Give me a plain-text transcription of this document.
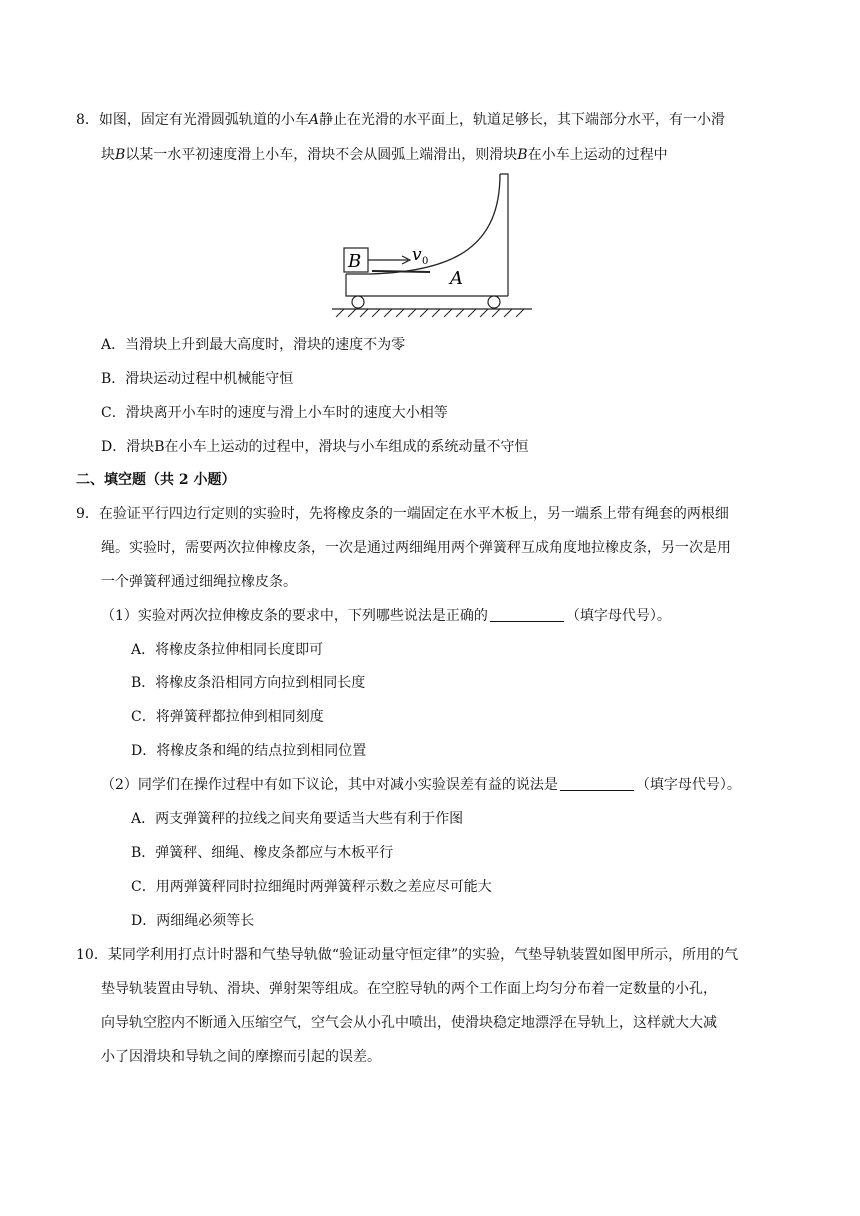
8．如图，固定有光滑圆弧轨道的小车A静止在光滑的水平面上，轨道足够长，其下端部分水平，有一小滑
块B以某一水平初速度滑上小车，滑块不会从圆弧上端滑出，则滑块B在小车上运动的过程中
B	v 0
A
A．当滑块上升到最大高度时，滑块的速度不为零
B．滑块运动过程中机械能守恒
C．滑块离开小车时的速度与滑上小车时的速度大小相等
D．滑块B在小车上运动的过程中，滑块与小车组成的系统动量不守恒
二、填空题（共 2 小题）
9．在验证平行四边行定则的实验时，先将橡皮条的一端固定在水平木板上，另一端系上带有绳套的两根细
绳。实验时，需要两次拉伸橡皮条，一次是通过两细绳用两个弹簧秤互成角度地拉橡皮条，另一次是用
一个弹簧秤通过细绳拉橡皮条。
（1）实验对两次拉伸橡皮条的要求中，下列哪些说法是正确的	（填字母代号）。
A．将橡皮条拉伸相同长度即可
B．将橡皮条沿相同方向拉到相同长度
C．将弹簧秤都拉伸到相同刻度
D．将橡皮条和绳的结点拉到相同位置
（2）同学们在操作过程中有如下议论，其中对减小实验误差有益的说法是	（填字母代号）。
A．两支弹簧秤的拉线之间夹角要适当大些有利于作图
B．弹簧秤、细绳、橡皮条都应与木板平行
C．用两弹簧秤同时拉细绳时两弹簧秤示数之差应尽可能大
D．两细绳必须等长
10．某同学利用打点计时器和气垫导轨做“验证动量守恒定律”的实验，气垫导轨装置如图甲所示，所用的气
垫导轨装置由导轨、滑块、弹射架等组成。在空腔导轨的两个工作面上均匀分布着一定数量的小孔，
向导轨空腔内不断通入压缩空气，空气会从小孔中喷出，使滑块稳定地漂浮在导轨上，这样就大大减
小了因滑块和导轨之间的摩擦而引起的误差。
